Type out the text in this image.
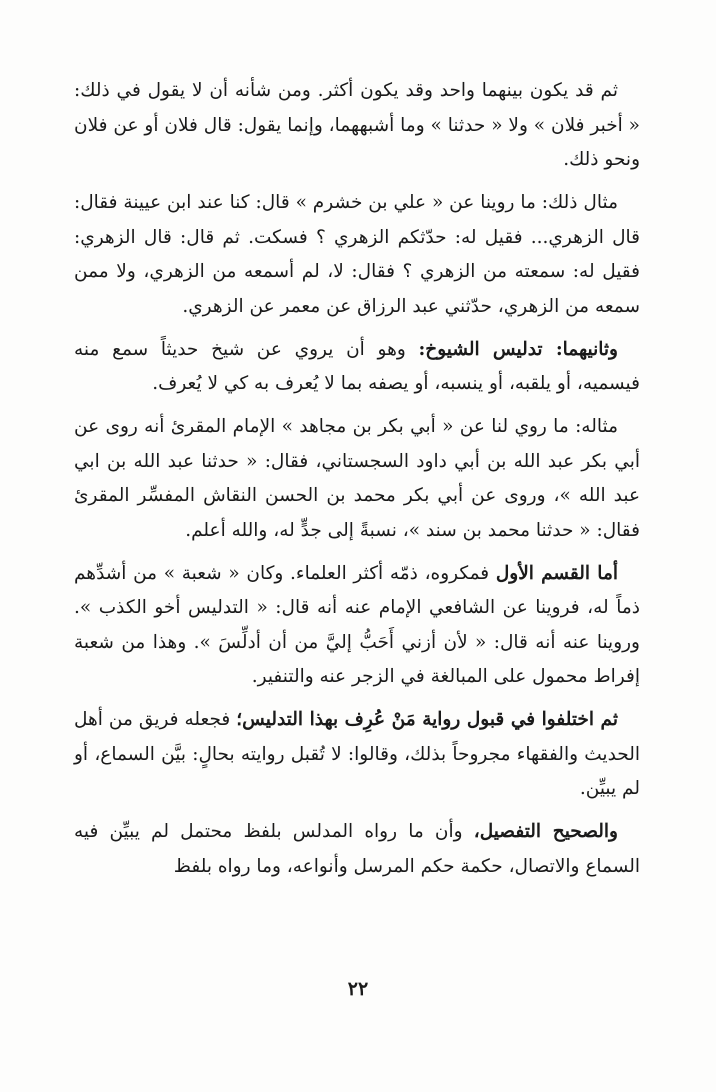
ثم قد يكون بينهما واحد وقد يكون أكثر. ومن شأنه أن لا يقول في ذلك: « أخبر فلان » ولا « حدثنا » وما أشبههما، وإنما يقول: قال فلان أو عن فلان ونحو ذلك.

مثال ذلك: ما روينا عن « علي بن خشرم » قال: كنا عند ابن عيينة فقال: قال الزهري... فقيل له: حدّثكم الزهري ؟ فسكت. ثم قال: قال الزهري: فقيل له: سمعته من الزهري ؟ فقال: لا، لم أسمعه من الزهري، ولا ممن سمعه من الزهري، حدّثني عبد الرزاق عن معمر عن الزهري.

وثانيهما: تدليس الشيوخ: وهو أن يروي عن شيخ حديثاً سمع منه فيسميه، أو يلقبه، أو ينسبه، أو يصفه بما لا يُعرف به كي لا يُعرف.

مثاله: ما روي لنا عن « أبي بكر بن مجاهد » الإمام المقرئ أنه روى عن أبي بكر عبد الله بن أبي داود السجستاني، فقال: « حدثنا عبد الله بن ابي عبد الله »، وروى عن أبي بكر محمد بن الحسن النقاش المفسِّر المقرئ فقال: « حدثنا محمد بن سند »، نسبةً إلى جدٍّ له، والله أعلم.

أما القسم الأول فمكروه، ذمّه أكثر العلماء. وكان « شعبة » من أشدِّهم ذماً له، فروينا عن الشافعي الإمام عنه أنه قال: « التدليس أخو الكذب ». وروينا عنه أنه قال: « لأن أزني أَحَبُّ إليَّ من أن أدلِّسَ ». وهذا من شعبة إفراط محمول على المبالغة في الزجر عنه والتنفير.

ثم اختلفوا في قبول رواية مَنْ عُرِف بهذا التدليس؛ فجعله فريق من أهل الحديث والفقهاء مجروحاً بذلك، وقالوا: لا تُقبل روايته بحالٍ: بيَّن السماع، أو لم يبيِّن.

والصحيح التفصيل، وأن ما رواه المدلس بلفظ محتمل لم يبيِّن فيه السماع والاتصال، حكمة حكم المرسل وأنواعه، وما رواه بلفظ

٢٢
